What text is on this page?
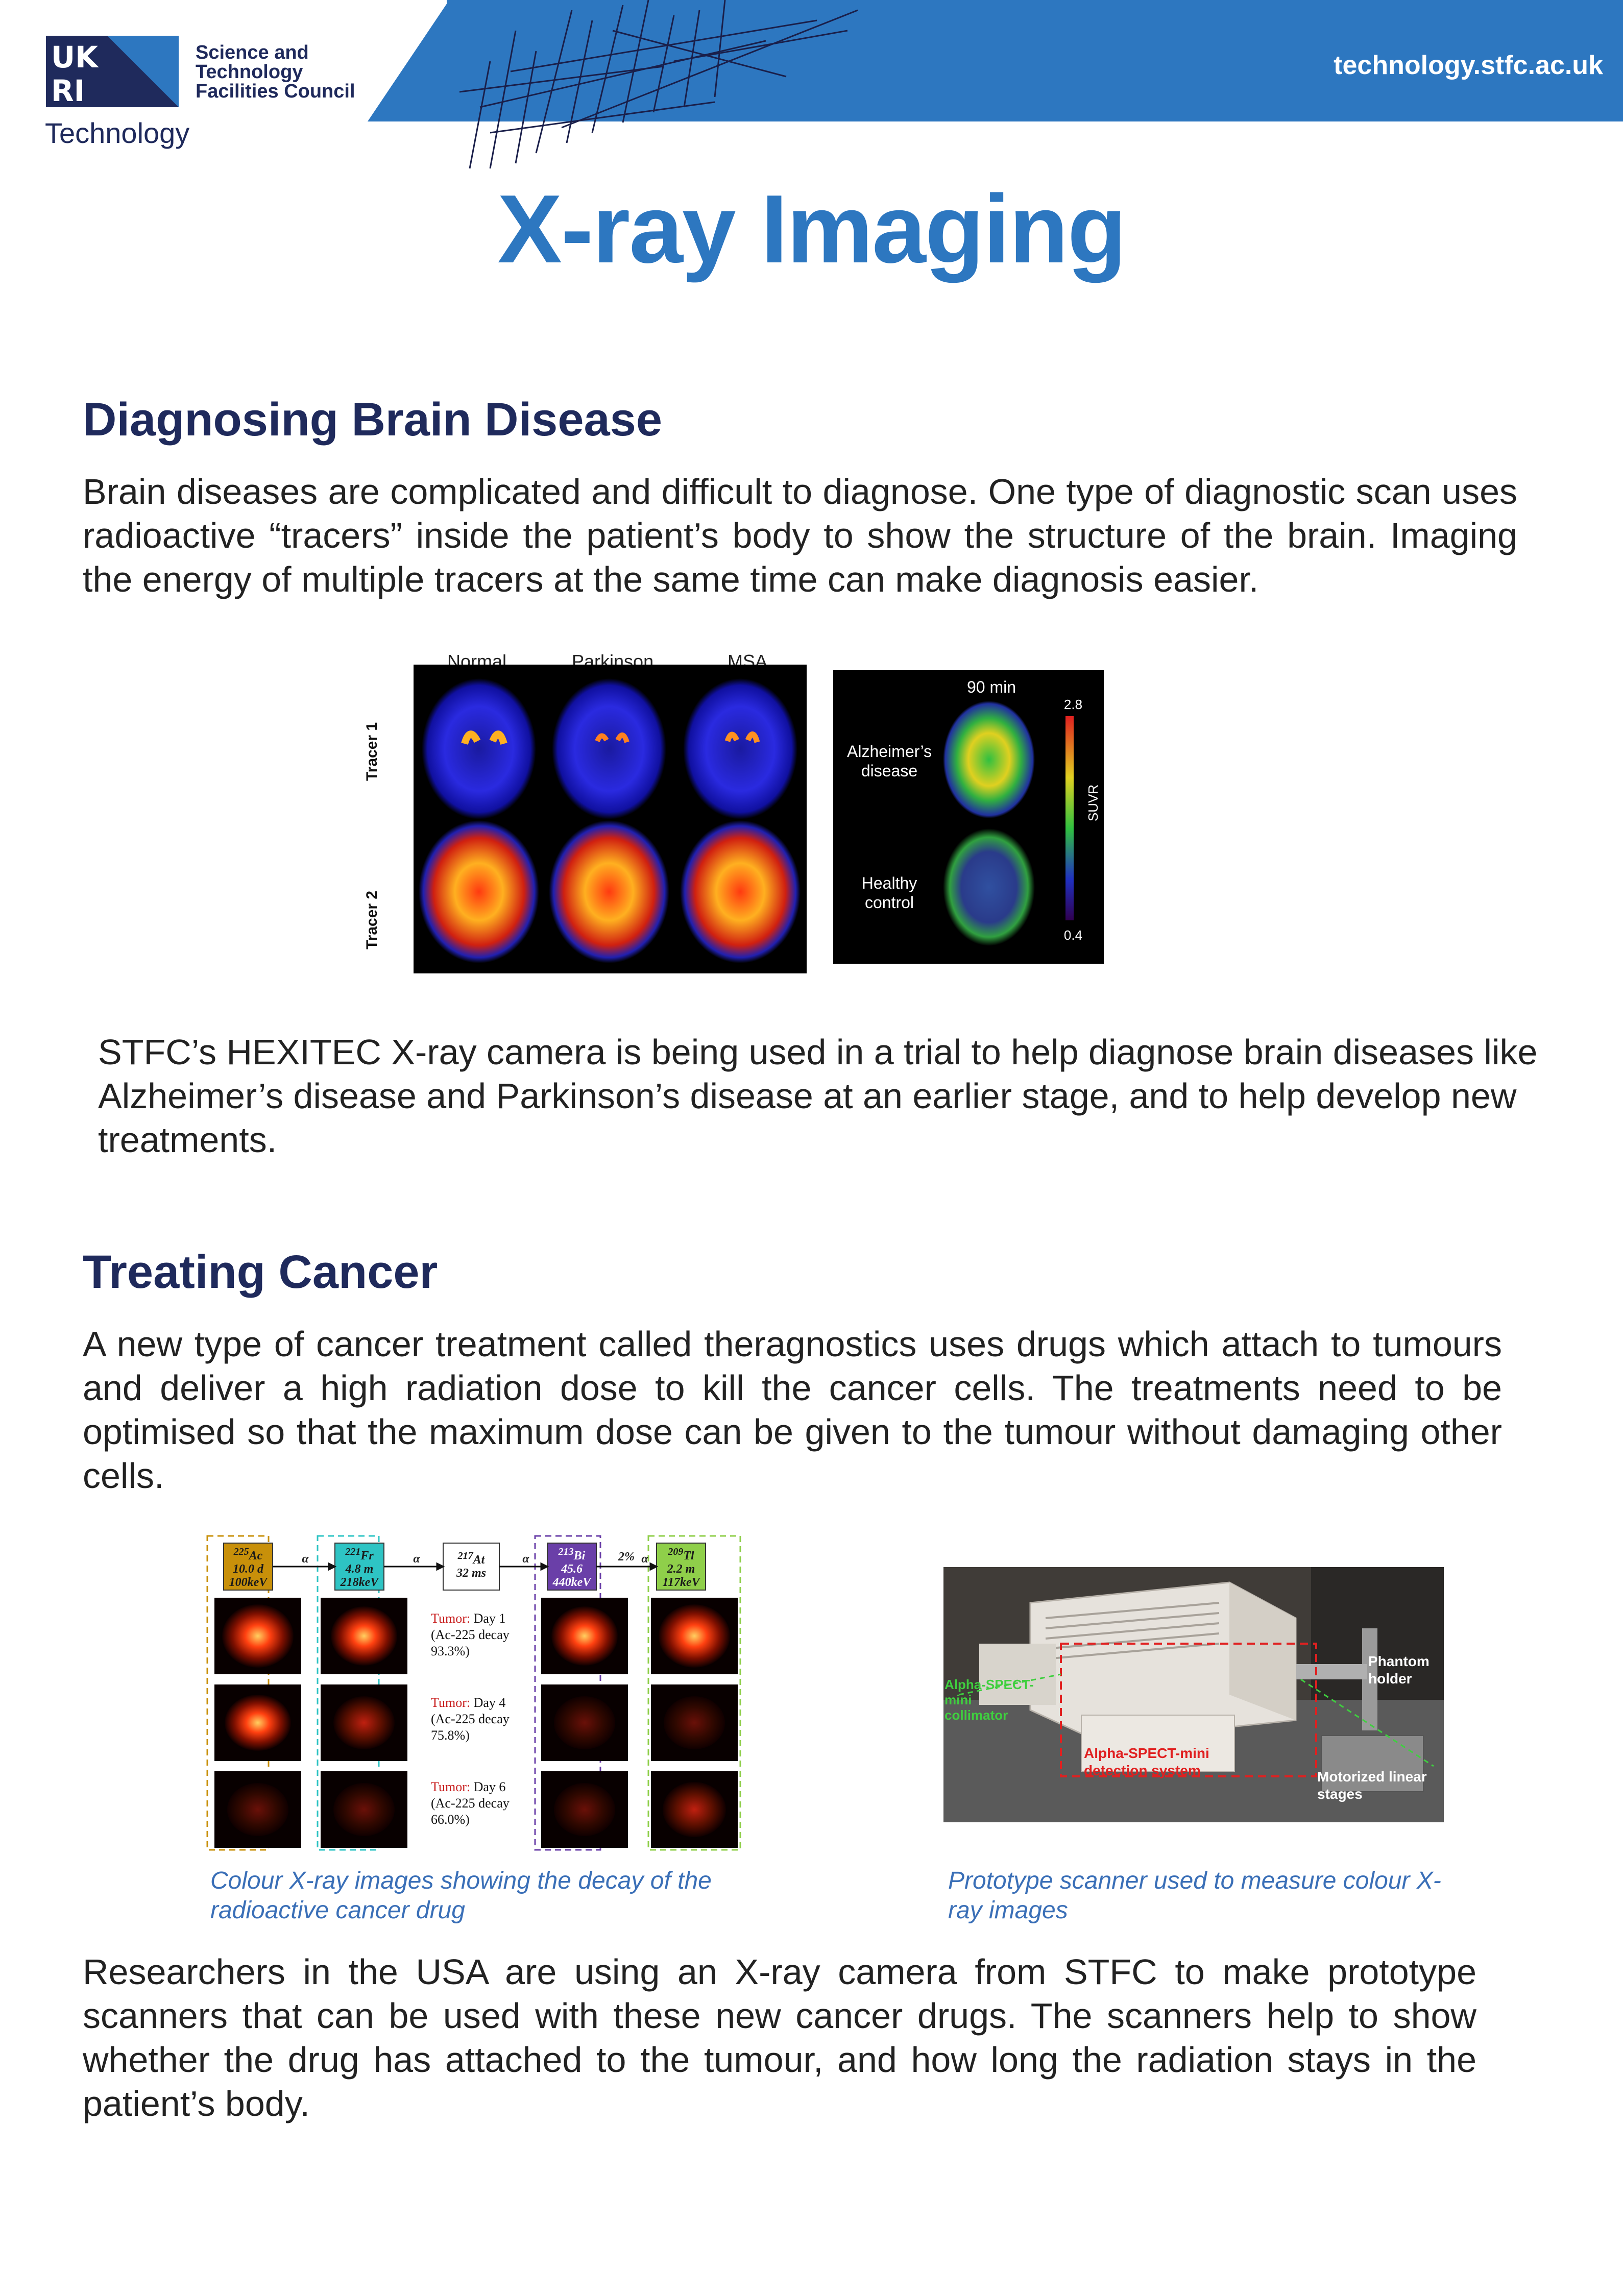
technology.stfc.ac.uk
UK
RI
Science and
Technology
Facilities Council
Technology
X-ray Imaging
Diagnosing Brain Disease
Brain diseases are complicated and difficult to diagnose. One type of diagnostic scan uses radioactive “tracers” inside the patient’s body to show the structure of the brain. Imaging the energy of multiple tracers at the same time can make diagnosis easier.
Normal	Parkinson	MSA
Tracer 1
Tracer 2
90 min
Alzheimer’s disease
Healthy control
2.8
0.4
SUVR
STFC’s HEXITEC X-ray camera is being used in a trial to help diagnose brain diseases like Alzheimer’s disease and Parkinson’s disease at an earlier stage, and to help develop new treatments.
Treating Cancer
A new type of cancer treatment called theragnostics uses drugs which attach to tumours and deliver a high radiation dose to kill the cancer cells. The treatments need to be optimised so that the maximum dose can be given to the tumour without damaging other cells.
$^{225}$Ac
10.0 d
100keV
$^{221}$Fr
4.8 m
218keV
$^{217}$At
32 ms
$^{213}$Bi
45.6
440keV
$^{209}$Tl
2.2 m
117keV
α	α	α	2% α
Tumor: Day 1 (Ac-225 decay 93.3%)
Tumor: Day 4 (Ac-225 decay 75.8%)
Tumor: Day 6 (Ac-225 decay 66.0%)
Phantom holder
Alpha-SPECT-mini detection system	Motorized linear stages
Alpha-SPECT-mini collimator
Colour X-ray images showing the decay of the radioactive cancer drug
Prototype scanner used to measure colour X-ray images
Researchers in the USA are using an X-ray camera from STFC to make prototype scanners that can be used with these new cancer drugs. The scanners help to show whether the drug has attached to the tumour, and how long the radiation stays in the patient’s body.
